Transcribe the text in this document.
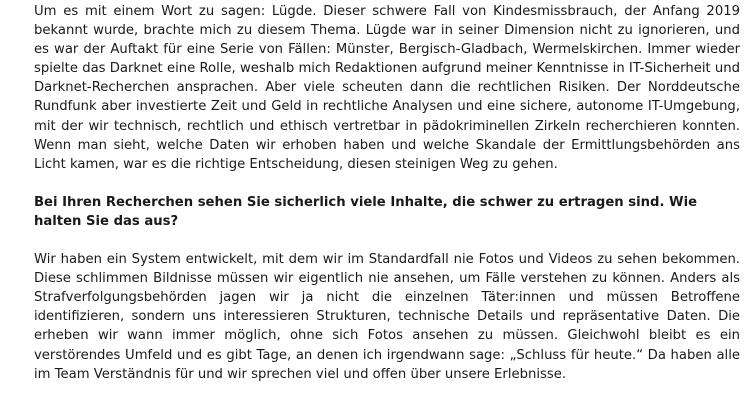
Um es mit einem Wort zu sagen: Lügde. Dieser schwere Fall von Kindesmissbrauch, der Anfang 2019 bekannt wurde, brachte mich zu diesem Thema. Lügde war in seiner Dimension nicht zu ignorieren, und es war der Auftakt für eine Serie von Fällen: Münster, Bergisch-Gladbach, Wermelskirchen. Immer wieder spielte das Darknet eine Rolle, weshalb mich Redaktionen aufgrund meiner Kenntnisse in IT-Sicherheit und Darknet-Recherchen ansprachen. Aber viele scheuten dann die rechtlichen Risiken. Der Norddeutsche Rundfunk aber investierte Zeit und Geld in rechtliche Analysen und eine sichere, autonome IT-Umgebung, mit der wir technisch, rechtlich und ethisch vertretbar in pädokriminellen Zirkeln recherchieren konnten. Wenn man sieht, welche Daten wir erhoben haben und welche Skandale der Ermittlungsbehörden ans Licht kamen, war es die richtige Entscheidung, diesen steinigen Weg zu gehen.

Bei Ihren Recherchen sehen Sie sicherlich viele Inhalte, die schwer zu ertragen sind. Wie halten Sie das aus?

Wir haben ein System entwickelt, mit dem wir im Standardfall nie Fotos und Videos zu sehen bekommen. Diese schlimmen Bildnisse müssen wir eigentlich nie ansehen, um Fälle verstehen zu können. Anders als Strafverfolgungsbehörden jagen wir ja nicht die einzelnen Täter:innen und müssen Betroffene identifizieren, sondern uns interessieren Strukturen, technische Details und repräsentative Daten. Die erheben wir wann immer möglich, ohne sich Fotos ansehen zu müssen. Gleichwohl bleibt es ein verstörendes Umfeld und es gibt Tage, an denen ich irgendwann sage: „Schluss für heute.“ Da haben alle im Team Verständnis für und wir sprechen viel und offen über unsere Erlebnisse.
